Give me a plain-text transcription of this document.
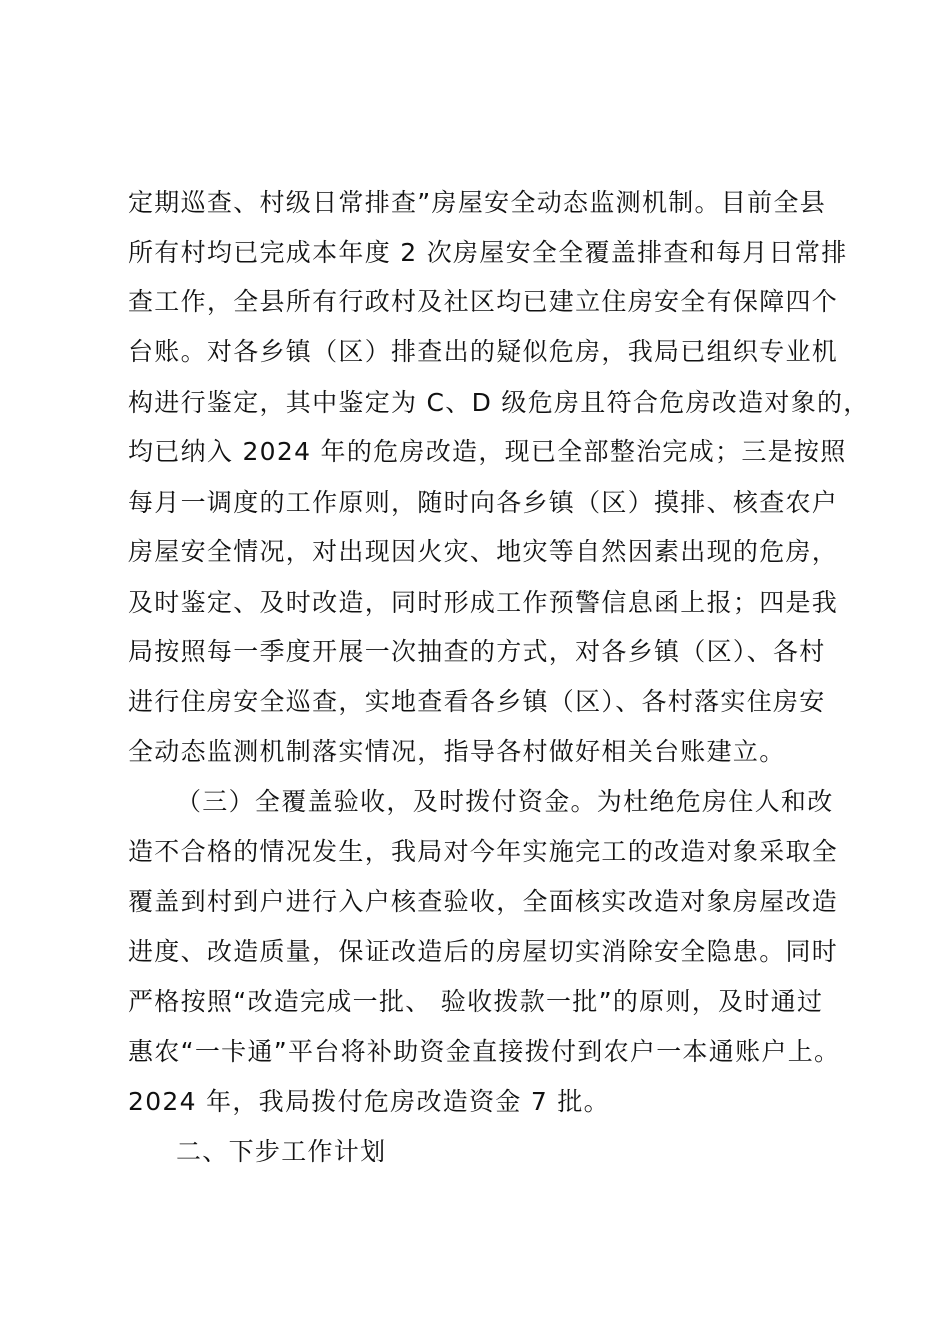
定期巡查、村级日常排查”房屋安全动态监测机制。目前全县
所有村均已完成本年度 2 次房屋安全全覆盖排查和每月日常排
查工作，全县所有行政村及社区均已建立住房安全有保障四个
台账。对各乡镇（区）排查出的疑似危房，我局已组织专业机
构进行鉴定，其中鉴定为 C、D 级危房且符合危房改造对象的，
均已纳入 2024 年的危房改造，现已全部整治完成；三是按照
每月一调度的工作原则，随时向各乡镇（区）摸排、核查农户
房屋安全情况，对出现因火灾、地灾等自然因素出现的危房，
及时鉴定、及时改造，同时形成工作预警信息函上报；四是我
局按照每一季度开展一次抽查的方式，对各乡镇（区）、各村
进行住房安全巡查，实地查看各乡镇（区）、各村落实住房安
全动态监测机制落实情况，指导各村做好相关台账建立。
（三）全覆盖验收，及时拨付资金。为杜绝危房住人和改
造不合格的情况发生，我局对今年实施完工的改造对象采取全
覆盖到村到户进行入户核查验收，全面核实改造对象房屋改造
进度、改造质量，保证改造后的房屋切实消除安全隐患。同时
严格按照“改造完成一批、 验收拨款一批”的原则，及时通过
惠农“一卡通”平台将补助资金直接拨付到农户一本通账户上。
2024 年，我局拨付危房改造资金 7 批。
二、下步工作计划
